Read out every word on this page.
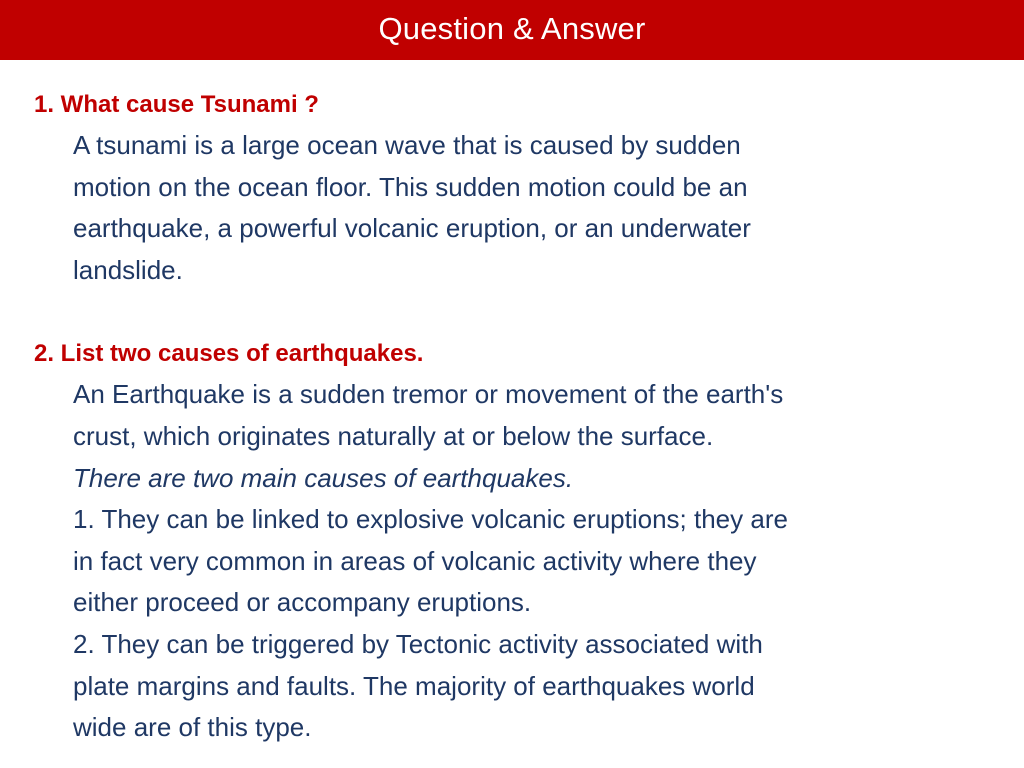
Question & Answer

1. What cause Tsunami ?

A tsunami is a large ocean wave that is caused by sudden

motion on the ocean floor. This sudden motion could be an

earthquake, a powerful volcanic eruption, or an underwater

landslide.

2. List two causes of earthquakes.

An Earthquake is a sudden tremor or movement of the earth's

crust, which originates naturally at or below the surface.

There are two main causes of earthquakes.

1. They can be linked to explosive volcanic eruptions; they are

in fact very common in areas of volcanic activity where they

either proceed or accompany eruptions.

2. They can be triggered by Tectonic activity associated with

plate margins and faults. The majority of earthquakes world

wide are of this type.
